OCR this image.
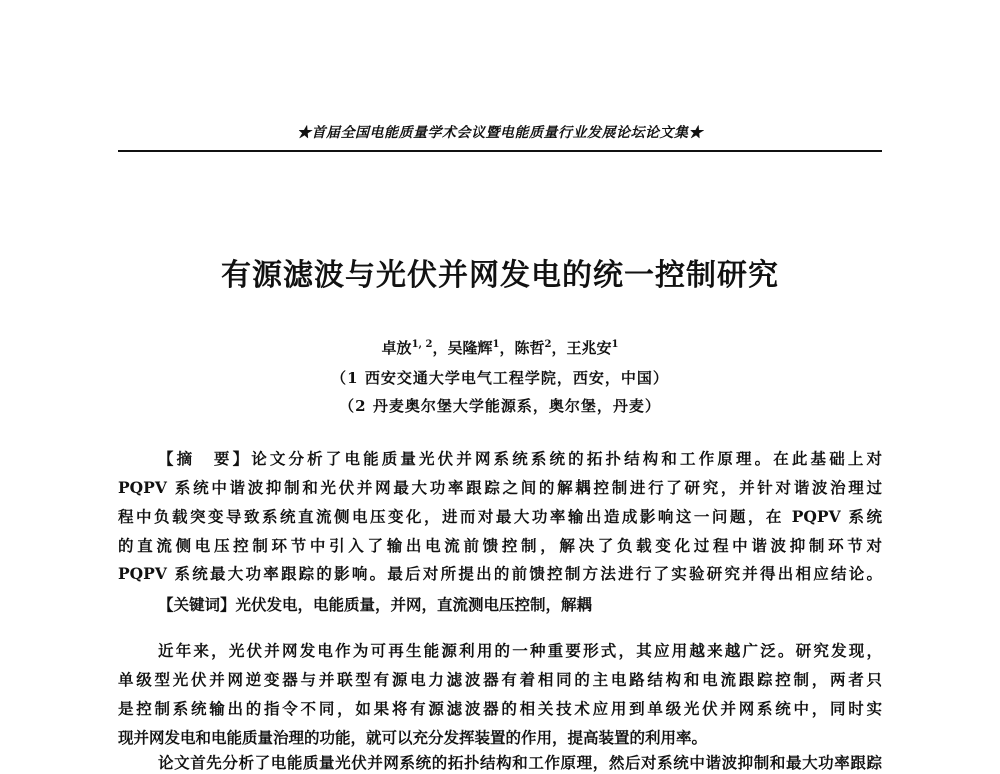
★首届全国电能质量学术会议暨电能质量行业发展论坛论文集★
有源滤波与光伏并网发电的统一控制研究
卓放$^{1, 2}$，吴隆辉$^1$，陈哲$^2$，王兆安$^1$
（1 西安交通大学电气工程学院，西安，中国）
（2 丹麦奥尔堡大学能源系，奥尔堡，丹麦）
【摘　要】论文分析了电能质量光伏并网系统系统的拓扑结构和工作原理。在此基础上对
PQPV 系统中谐波抑制和光伏并网最大功率跟踪之间的解耦控制进行了研究，并针对谐波治理过
程中负载突变导致系统直流侧电压变化，进而对最大功率输出造成影响这一问题，在 PQPV 系统
的直流侧电压控制环节中引入了输出电流前馈控制，解决了负载变化过程中谐波抑制环节对
PQPV 系统最大功率跟踪的影响。最后对所提出的前馈控制方法进行了实验研究并得出相应结论。
【关键词】光伏发电，电能质量，并网，直流测电压控制，解耦
近年来，光伏并网发电作为可再生能源利用的一种重要形式，其应用越来越广泛。研究发现，
单级型光伏并网逆变器与并联型有源电力滤波器有着相同的主电路结构和电流跟踪控制，两者只
是控制系统输出的指令不同，如果将有源滤波器的相关技术应用到单级光伏并网系统中，同时实
现并网发电和电能质量治理的功能，就可以充分发挥装置的作用，提高装置的利用率。
论文首先分析了电能质量光伏并网系统的拓扑结构和工作原理，然后对系统中谐波抑制和最大功率跟踪
